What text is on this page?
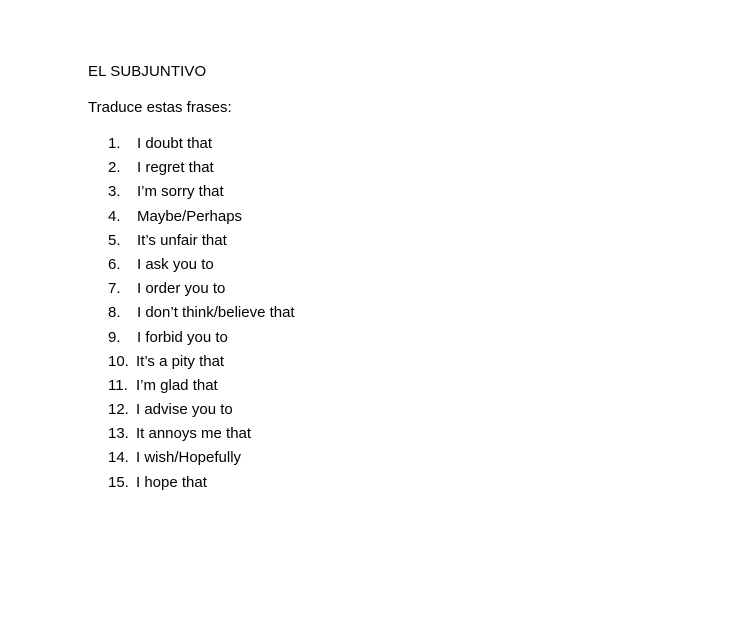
EL SUBJUNTIVO
Traduce estas frases:
1. I doubt that
2. I regret that
3. I’m sorry that
4. Maybe/Perhaps
5. It’s unfair that
6. I ask you to
7. I order you to
8. I don’t think/believe that
9. I forbid you to
10. It’s a pity that
11. I’m glad that
12. I advise you to
13. It annoys me that
14. I wish/Hopefully
15. I hope that
